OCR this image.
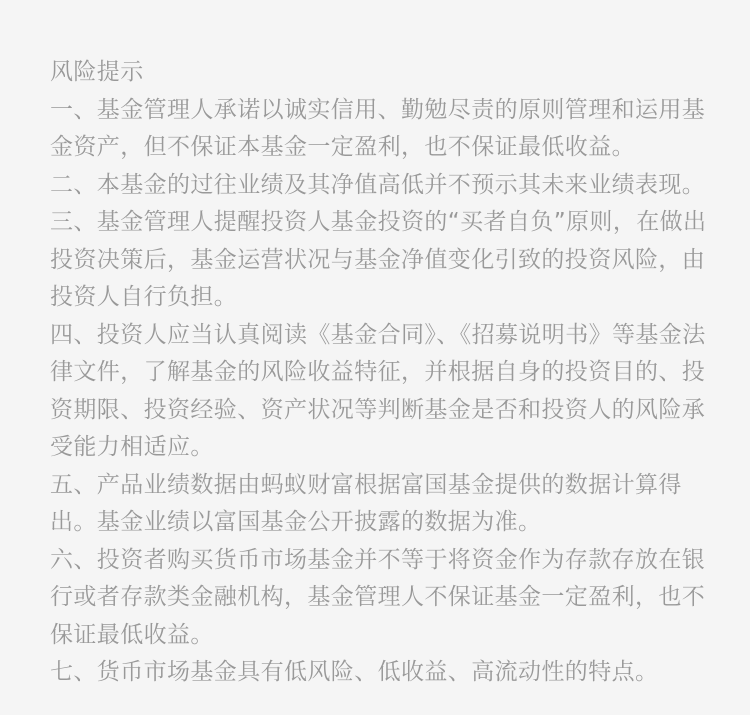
风险提示

一、基金管理人承诺以诚实信用、勤勉尽责的原则管理和运用基金资产，但不保证本基金一定盈利，也不保证最低收益。

二、本基金的过往业绩及其净值高低并不预示其未来业绩表现。

三、基金管理人提醒投资人基金投资的“买者自负”原则，在做出投资决策后，基金运营状况与基金净值变化引致的投资风险，由投资人自行负担。

四、投资人应当认真阅读《基金合同》、《招募说明书》等基金法律文件，了解基金的风险收益特征，并根据自身的投资目的、投资期限、投资经验、资产状况等判断基金是否和投资人的风险承受能力相适应。

五、产品业绩数据由蚂蚁财富根据富国基金提供的数据计算得出。基金业绩以富国基金公开披露的数据为准。

六、投资者购买货币市场基金并不等于将资金作为存款存放在银行或者存款类金融机构，基金管理人不保证基金一定盈利，也不保证最低收益。

七、货币市场基金具有低风险、低收益、高流动性的特点。
